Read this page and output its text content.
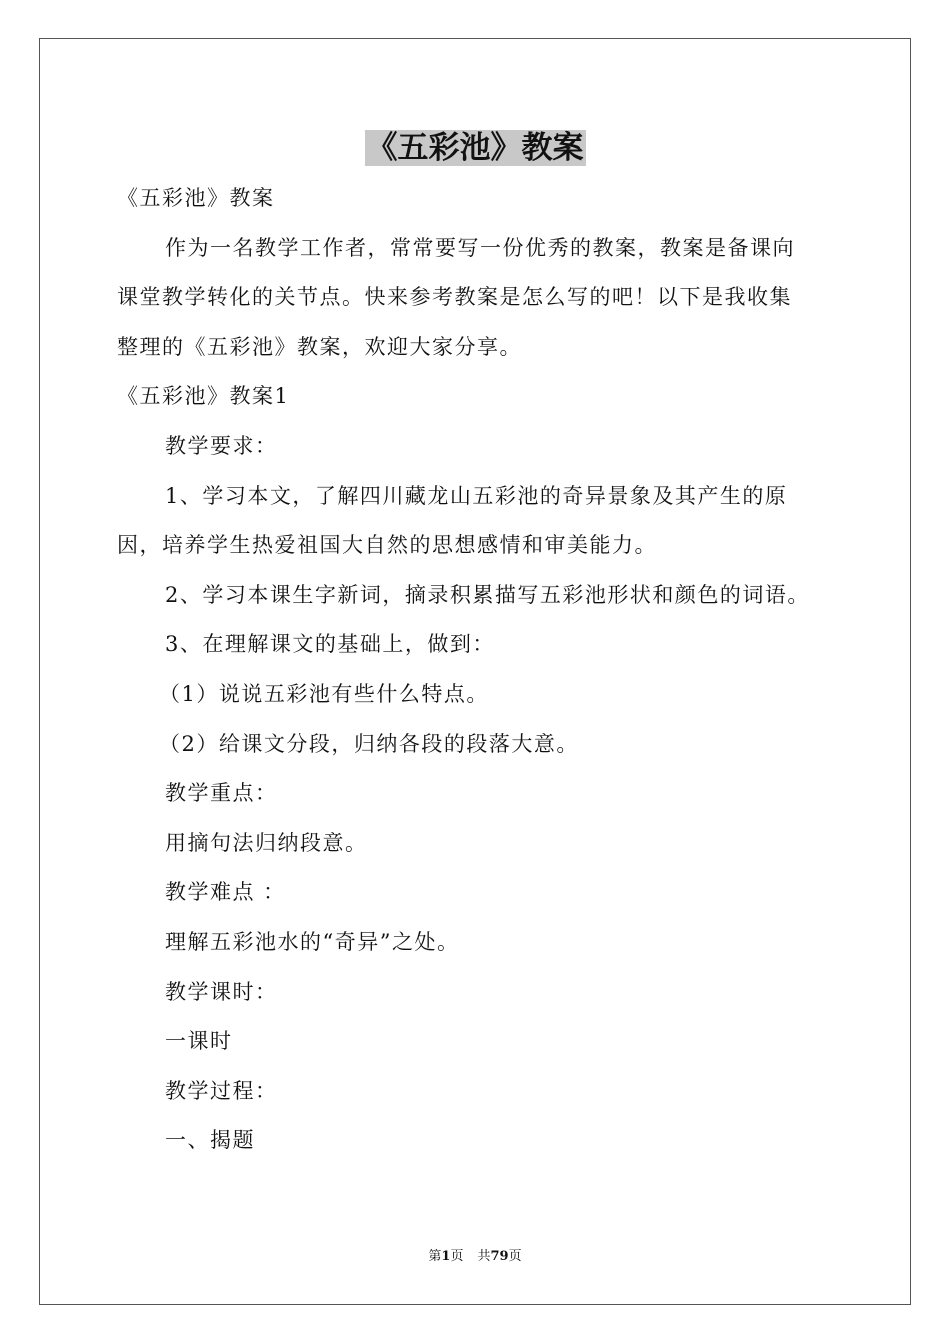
《五彩池》教案
《五彩池》教案
作为一名教学工作者，常常要写一份优秀的教案，教案是备课向
课堂教学转化的关节点。快来参考教案是怎么写的吧！以下是我收集
整理的《五彩池》教案，欢迎大家分享。
《五彩池》教案1
教学要求：
1、学习本文，了解四川藏龙山五彩池的奇异景象及其产生的原
因，培养学生热爱祖国大自然的思想感情和审美能力。
2、学习本课生字新词，摘录积累描写五彩池形状和颜色的词语。
3、在理解课文的基础上，做到：
（1）说说五彩池有些什么特点。
（2）给课文分段，归纳各段的段落大意。
教学重点：
用摘句法归纳段意。
教学难点 ：
理解五彩池水的“奇异”之处。
教学课时：
一课时
教学过程：
一、揭题
第1页 共79页
